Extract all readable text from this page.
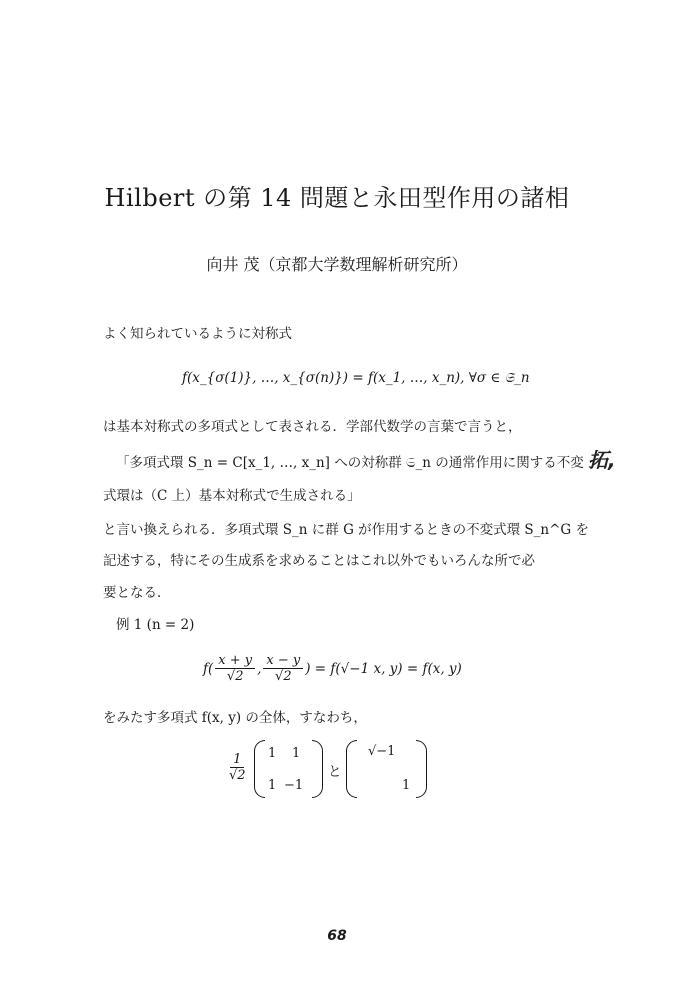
Hilbert の第 14 問題と永田型作用の諸相
向井 茂（京都大学数理解析研究所）
よく知られているように対称式
f(x_{σ(1)}, …, x_{σ(n)}) = f(x_1, …, x_n), ∀σ ∈ 𝔖_n
は基本対称式の多項式として表される．学部代数学の言葉で言うと，
「多項式環 S_n = C[x_1, …, x_n] への対称群 𝔖_n の通常作用に関する不変 拓,
式環は（C 上）基本対称式で生成される」
と言い換えられる．多項式環 S_n に群 G が作用するときの不変式環 S_n^G を
記述する，特にその生成系を求めることはこれ以外でもいろんな所で必
要となる．
例 1 (n = 2)
$f( \frac{x + y}{√2}$ , $\frac{x - y}{√2}$ ) = f(√−1 x, y) = f(x, y)
をみたす多項式 f(x, y) の全体，すなわち，
$\frac{1}{√2} 1$ 1
1 −1
と
√−1
1
68
